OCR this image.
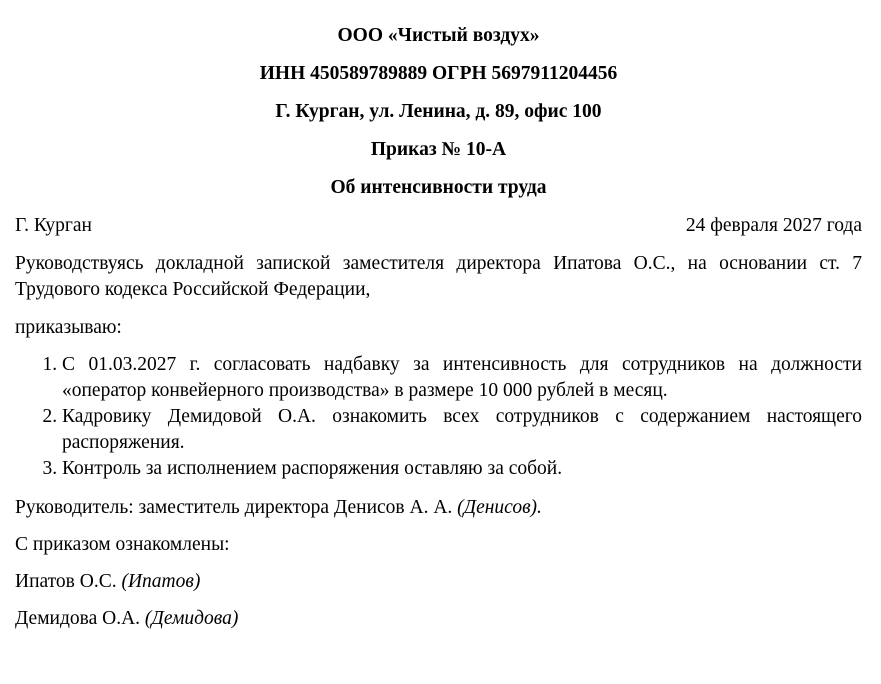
ООО «Чистый воздух»

ИНН 450589789889 ОГРН 5697911204456

Г. Курган, ул. Ленина, д. 89, офис 100

Приказ № 10-А

Об интенсивности труда

Г. Курган	24 февраля 2027 года

Руководствуясь докладной запиской заместителя директора Ипатова О.С., на основании ст. 7 Трудового кодекса Российской Федерации,

приказываю:

1. С 01.03.2027 г. согласовать надбавку за интенсивность для сотрудников на должности «оператор конвейерного производства» в размере 10 000 рублей в месяц.
2. Кадровику Демидовой О.А. ознакомить всех сотрудников с содержанием настоящего распоряжения.
3. Контроль за исполнением распоряжения оставляю за собой.

Руководитель: заместитель директора Денисов А. А. (Денисов).

С приказом ознакомлены:

Ипатов О.С. (Ипатов)

Демидова О.А. (Демидова)
